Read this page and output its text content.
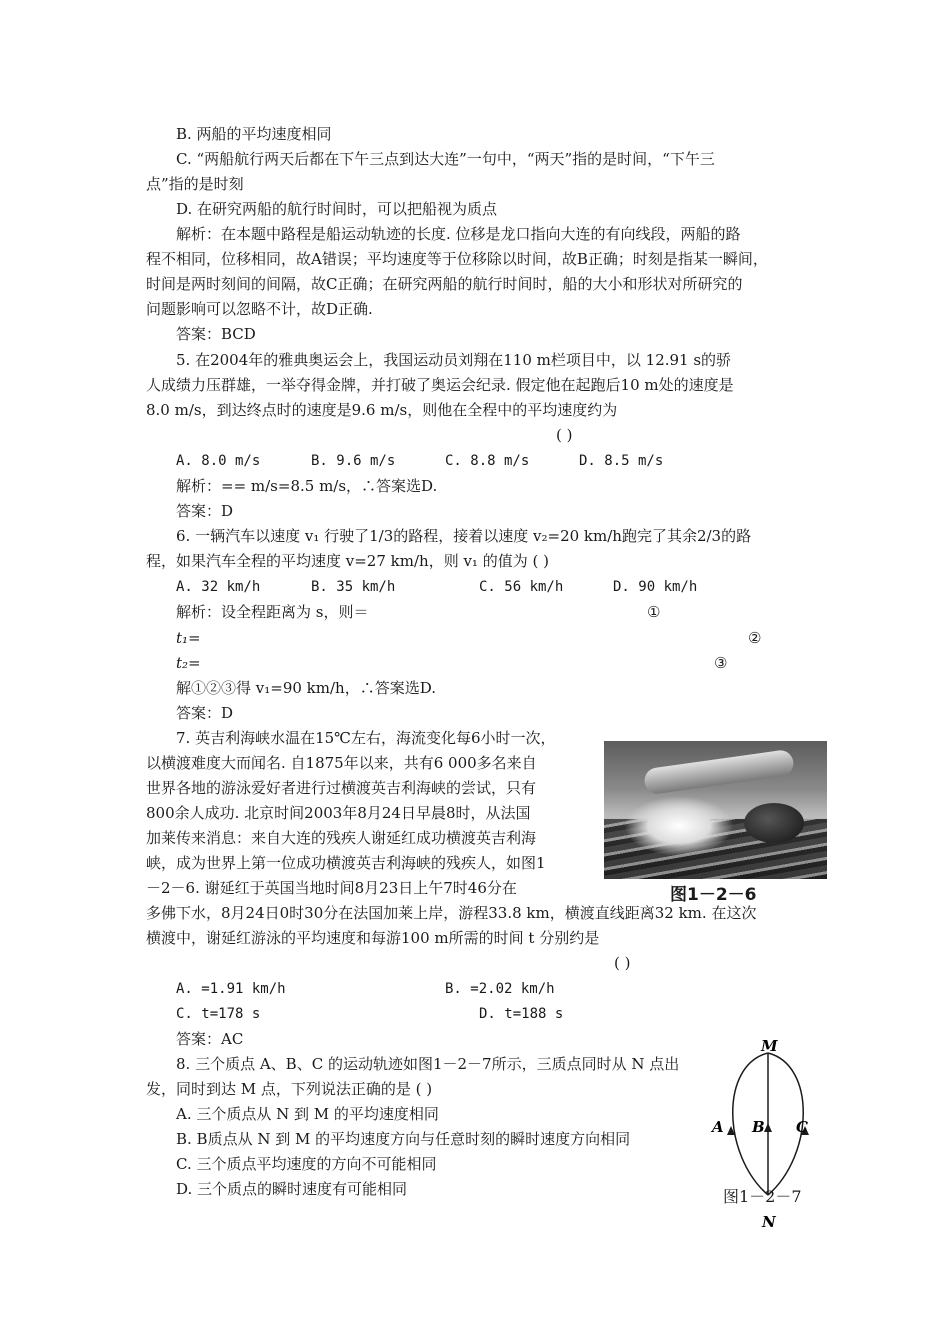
B. 两船的平均速度相同
C. “两船航行两天后都在下午三点到达大连”一句中，“两天”指的是时间，“下午三
点”指的是时刻
D. 在研究两船的航行时间时，可以把船视为质点
解析：在本题中路程是船运动轨迹的长度. 位移是龙口指向大连的有向线段，两船的路
程不相同，位移相同，故A错误；平均速度等于位移除以时间，故B正确；时刻是指某一瞬间，
时间是两时刻间的间隔，故C正确；在研究两船的航行时间时，船的大小和形状对所研究的
问题影响可以忽略不计，故D正确.
答案：BCD
5. 在2004年的雅典奥运会上，我国运动员刘翔在110 m栏项目中，以 12.91 s的骄
人成绩力压群雄，一举夺得金牌，并打破了奥运会纪录. 假定他在起跑后10 m处的速度是
8.0 m/s，到达终点时的速度是9.6 m/s，则他在全程中的平均速度约为
( )
A. 8.0 m/s	B. 9.6 m/s	C. 8.8 m/s	D. 8.5 m/s
解析：== m/s=8.5 m/s，∴答案选D.
答案：D
6. 一辆汽车以速度 v₁ 行驶了1/3的路程，接着以速度 v₂=20 km/h跑完了其余2/3的路
程，如果汽车全程的平均速度 v=27 km/h，则 v₁ 的值为 ( )
A. 32 km/h	B. 35 km/h	C. 56 km/h	D. 90 km/h
解析：设全程距离为 s，则＝	①
t₁=	②
t₂=	③
解①②③得 v₁=90 km/h，∴答案选D.
答案：D
7. 英吉利海峡水温在15℃左右，海流变化每6小时一次，
以横渡难度大而闻名. 自1875年以来，共有6 000多名来自
世界各地的游泳爱好者进行过横渡英吉利海峡的尝试，只有
800余人成功. 北京时间2003年8月24日早晨8时，从法国
加莱传来消息：来自大连的残疾人谢延红成功横渡英吉利海
峡，成为世界上第一位成功横渡英吉利海峡的残疾人，如图1
－2－6. 谢延红于英国当地时间8月23日上午7时46分在
多佛下水，8月24日0时30分在法国加莱上岸，游程33.8 km，横渡直线距离32 km. 在这次
横渡中，谢延红游泳的平均速度和每游100 m所需的时间 t 分别约是
( )
A. =1.91 km/h	B. =2.02 km/h
C. t=178 s	D. t=188 s
答案：AC
8. 三个质点 A、B、C 的运动轨迹如图1－2－7所示，三质点同时从 N 点出
发，同时到达 M 点，下列说法正确的是 ( )
A. 三个质点从 N 到 M 的平均速度相同
B. B质点从 N 到 M 的平均速度方向与任意时刻的瞬时速度方向相同
C. 三个质点平均速度的方向不可能相同
D. 三个质点的瞬时速度有可能相同
图1－2－6
M
N
A B C
图1－2－7
